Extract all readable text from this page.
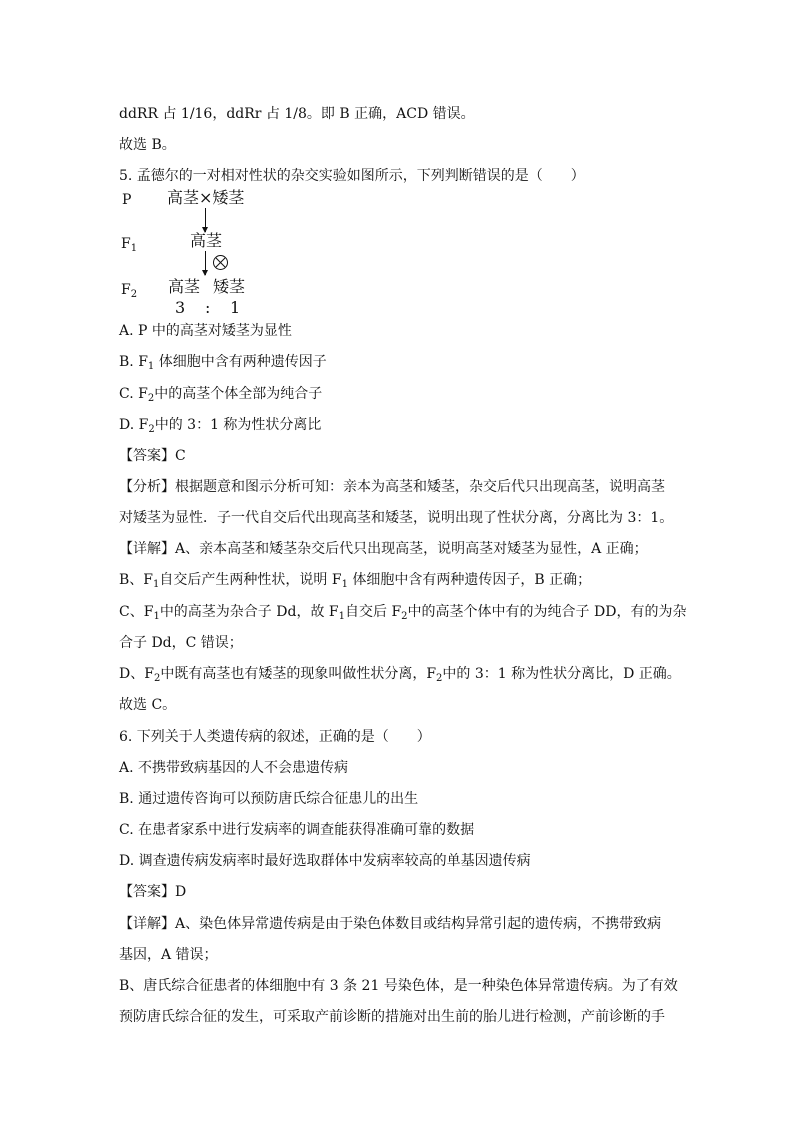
ddRR 占 1/16，ddRr 占 1/8。即 B 正确，ACD 错误。
故选 B。
5. 孟德尔的一对相对性状的杂交实验如图所示，下列判断错误的是（　　）
P 高茎×矮茎
$F_1$	高茎
$F_2$ 高茎 矮茎
3 : 1
A. P 中的高茎对矮茎为显性
B. $F_1$ 体细胞中含有两种遗传因子
C. $F_2$中的高茎个体全部为纯合子
D. $F_2$中的 3：1 称为性状分离比
【答案】C
【分析】根据题意和图示分析可知：亲本为高茎和矮茎，杂交后代只出现高茎，说明高茎
对矮茎为显性．子一代自交后代出现高茎和矮茎，说明出现了性状分离，分离比为 3：1。
【详解】A、亲本高茎和矮茎杂交后代只出现高茎，说明高茎对矮茎为显性，A 正确；
B、$F_1$自交后产生两种性状，说明 $F_1$ 体细胞中含有两种遗传因子，B 正确；
C、$F_1$中的高茎为杂合子 Dd，故 $F_1$自交后 $F_2$中的高茎个体中有的为纯合子 DD，有的为杂
合子 Dd，C 错误；
D、$F_2$中既有高茎也有矮茎的现象叫做性状分离，$F_2$中的 3：1 称为性状分离比，D 正确。
故选 C。
6. 下列关于人类遗传病的叙述，正确的是（　　）
A. 不携带致病基因的人不会患遗传病
B. 通过遗传咨询可以预防唐氏综合征患儿的出生
C. 在患者家系中进行发病率的调查能获得准确可靠的数据
D. 调查遗传病发病率时最好选取群体中发病率较高的单基因遗传病
【答案】D
【详解】A、染色体异常遗传病是由于染色体数目或结构异常引起的遗传病，不携带致病
基因，A 错误；
B、唐氏综合征患者的体细胞中有 3 条 21 号染色体，是一种染色体异常遗传病。为了有效
预防唐氏综合征的发生，可采取产前诊断的措施对出生前的胎儿进行检测，产前诊断的手
